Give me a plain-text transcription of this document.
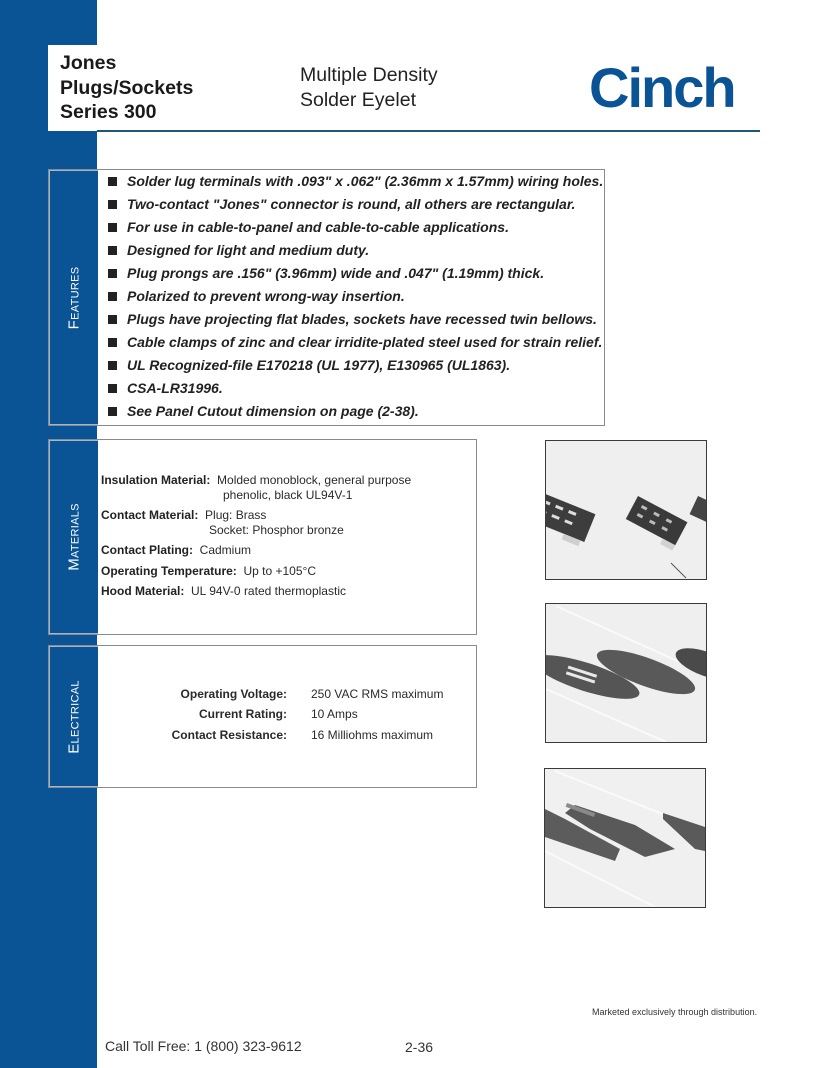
Jones
Plugs/Sockets
Series 300
Multiple Density
Solder Eyelet	Cinch
Features
Solder lug terminals with .093" x .062" (2.36mm x 1.57mm) wiring holes.
Two-contact "Jones" connector is round, all others are rectangular.
For use in cable-to-panel and cable-to-cable applications.
Designed for light and medium duty.
Plug prongs are .156" (3.96mm) wide and .047" (1.19mm) thick.
Polarized to prevent wrong-way insertion.
Plugs have projecting flat blades, sockets have recessed twin bellows.
Cable clamps of zinc and clear irridite-plated steel used for strain relief.
UL Recognized-file E170218 (UL 1977), E130965 (UL1863).
CSA-LR31996.
See Panel Cutout dimension on page (2-38).
Materials
Insulation Material: Molded monoblock, general purpose
phenolic, black UL94V-1
Contact Material: Plug: Brass
Socket: Phosphor bronze
Contact Plating: Cadmium
Operating Temperature: Up to +105°C
Hood Material: UL 94V-0 rated thermoplastic
Electrical	Operating Voltage: 250 VAC RMS maximum
Current Rating: 10 Amps
Contact Resistance: 16 Milliohms maximum
Marketed exclusively through distribution.
Call Toll Free: 1 (800) 323-9612	2-36
